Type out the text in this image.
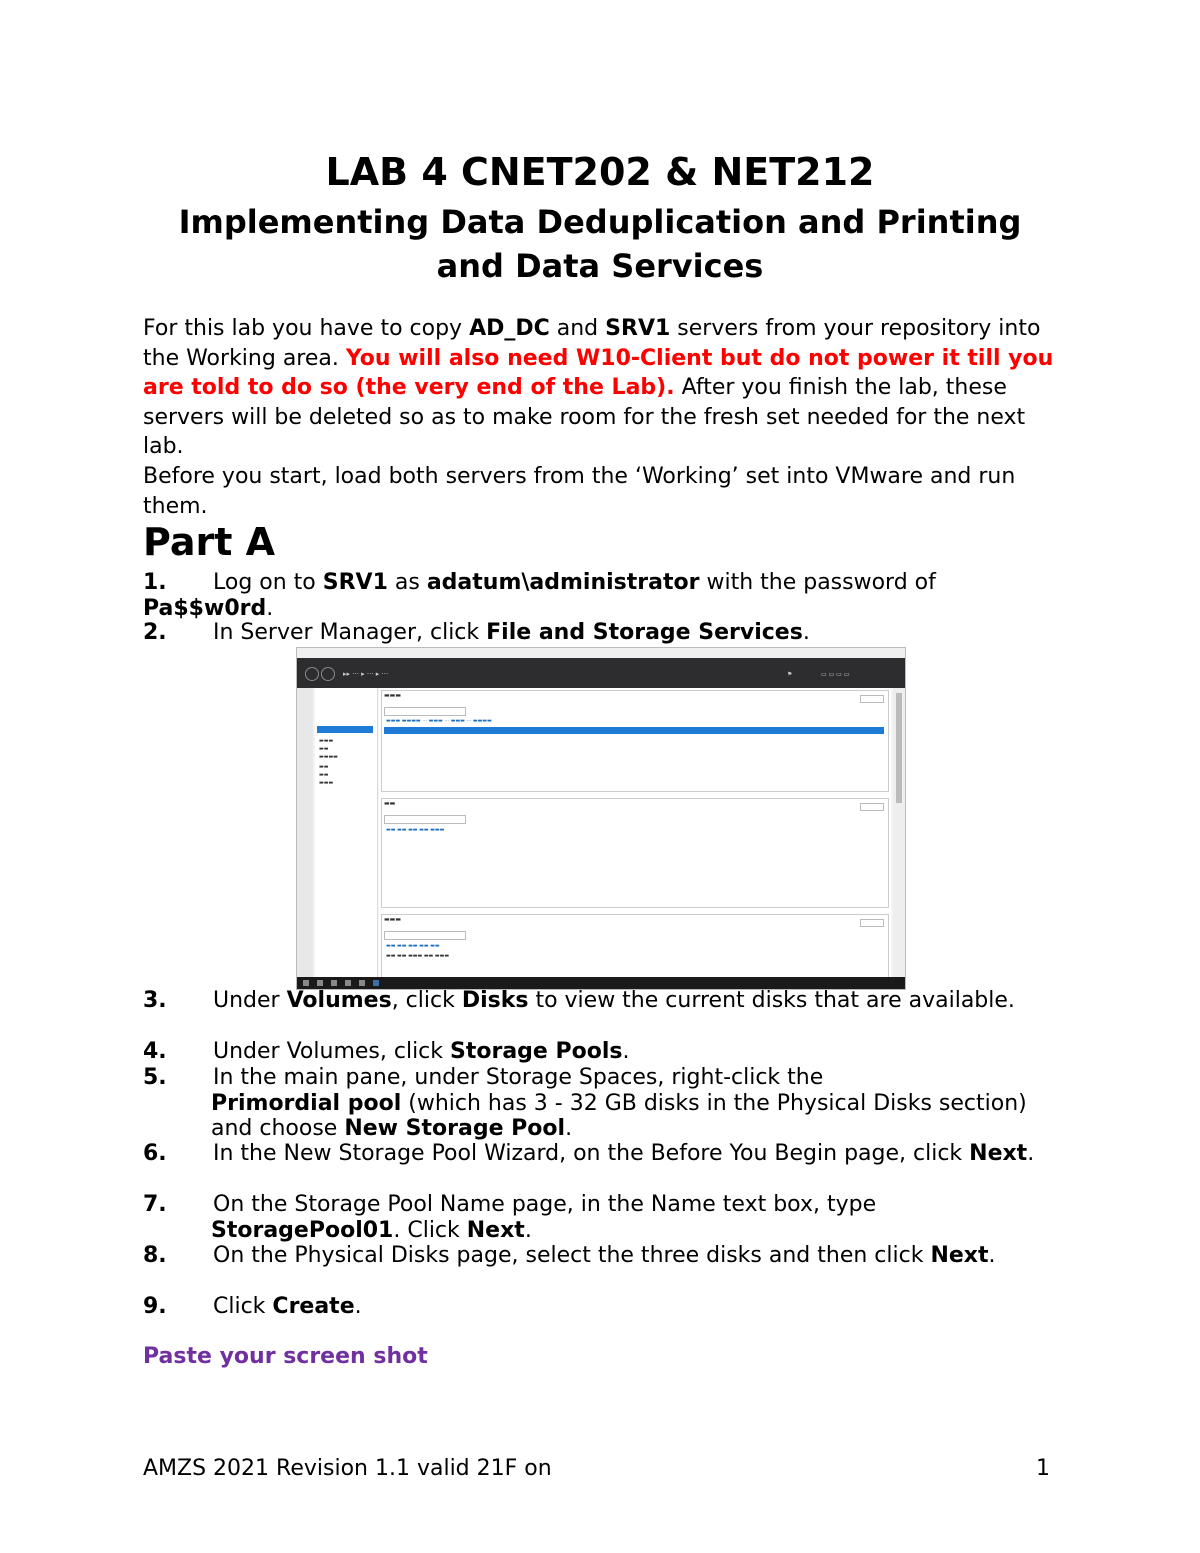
LAB 4 CNET202 & NET212
Implementing Data Deduplication and Printing and Data Services
For this lab you have to copy AD_DC and SRV1 servers from your repository into the Working area. You will also need W10-Client but do not power it till you are told to do so (the very end of the Lab). After you finish the lab, these servers will be deleted so as to make room for the fresh set needed for the next lab.
Before you start, load both servers from the ‘Working’ set into VMware and run them.
Part A
1. Log on to SRV1 as adatum\administrator with the password of Pa$$w0rd.
2. In Server Manager, click File and Storage Services.
▸▸ ··· ▸ ··· ▸ ···	⚑	▭ ▭ ▭ ▭
▬▬▬
▬▬
▬▬▬▬
▬▬
▬▬
▬▬▬
▬▬▬
▬▬▬ ▬▬▬▬ ··· ▬▬▬ ··· ▬▬▬ ··· ▬▬▬▬
▬▬
▬▬ ▬▬ ▬▬ ▬▬ ▬▬▬
▬▬▬
▬▬ ▬▬ ▬▬ ▬▬ ▬▬
▬▬ ▬▬ ▬▬▬ ▬▬ ▬▬▬
3. Under Volumes, click Disks to view the current disks that are available.
4. Under Volumes, click Storage Pools.
5. In the main pane, under Storage Spaces, right-click the
Primordial pool (which has 3 - 32 GB disks in the Physical Disks section) and choose New Storage Pool.
6. In the New Storage Pool Wizard, on the Before You Begin page, click Next.
7. On the Storage Pool Name page, in the Name text box, type
StoragePool01. Click Next.
8. On the Physical Disks page, select the three disks and then click Next.
9. Click Create.
Paste your screen shot
AMZS 2021 Revision 1.1 valid 21F on	1
